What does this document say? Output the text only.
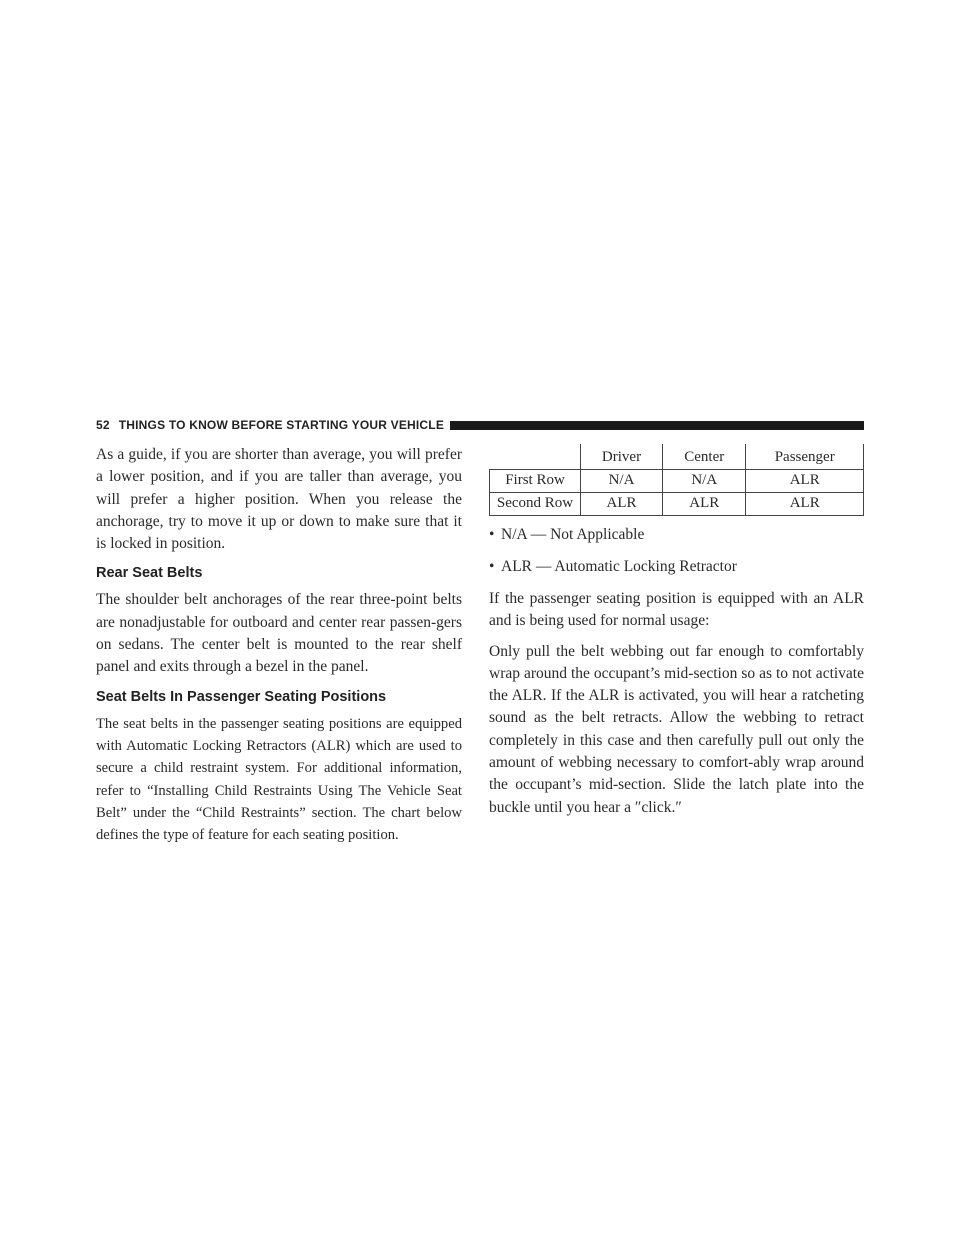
52 THINGS TO KNOW BEFORE STARTING YOUR VEHICLE

As a guide, if you are shorter than average, you will prefer a lower position, and if you are taller than average, you will prefer a higher position. When you release the anchorage, try to move it up or down to make sure that it is locked in position.

Rear Seat Belts

The shoulder belt anchorages of the rear three-point belts are nonadjustable for outboard and center rear passen-gers on sedans. The center belt is mounted to the rear shelf panel and exits through a bezel in the panel.

Seat Belts In Passenger Seating Positions

The seat belts in the passenger seating positions are equipped with Automatic Locking Retractors (ALR) which are used to secure a child restraint system. For additional information, refer to “Installing Child Restraints Using The Vehicle Seat Belt” under the “Child Restraints” section. The chart below defines the type of feature for each seating position.

	Driver	Center	Passenger
First Row	N/A	N/A	ALR
Second Row	ALR	ALR	ALR
• N/A — Not Applicable
• ALR — Automatic Locking Retractor

If the passenger seating position is equipped with an ALR and is being used for normal usage:

Only pull the belt webbing out far enough to comfortably wrap around the occupant’s mid-section so as to not activate the ALR. If the ALR is activated, you will hear a ratcheting sound as the belt retracts. Allow the webbing to retract completely in this case and then carefully pull out only the amount of webbing necessary to comfort-ably wrap around the occupant’s mid-section. Slide the latch plate into the buckle until you hear a ″click.″
